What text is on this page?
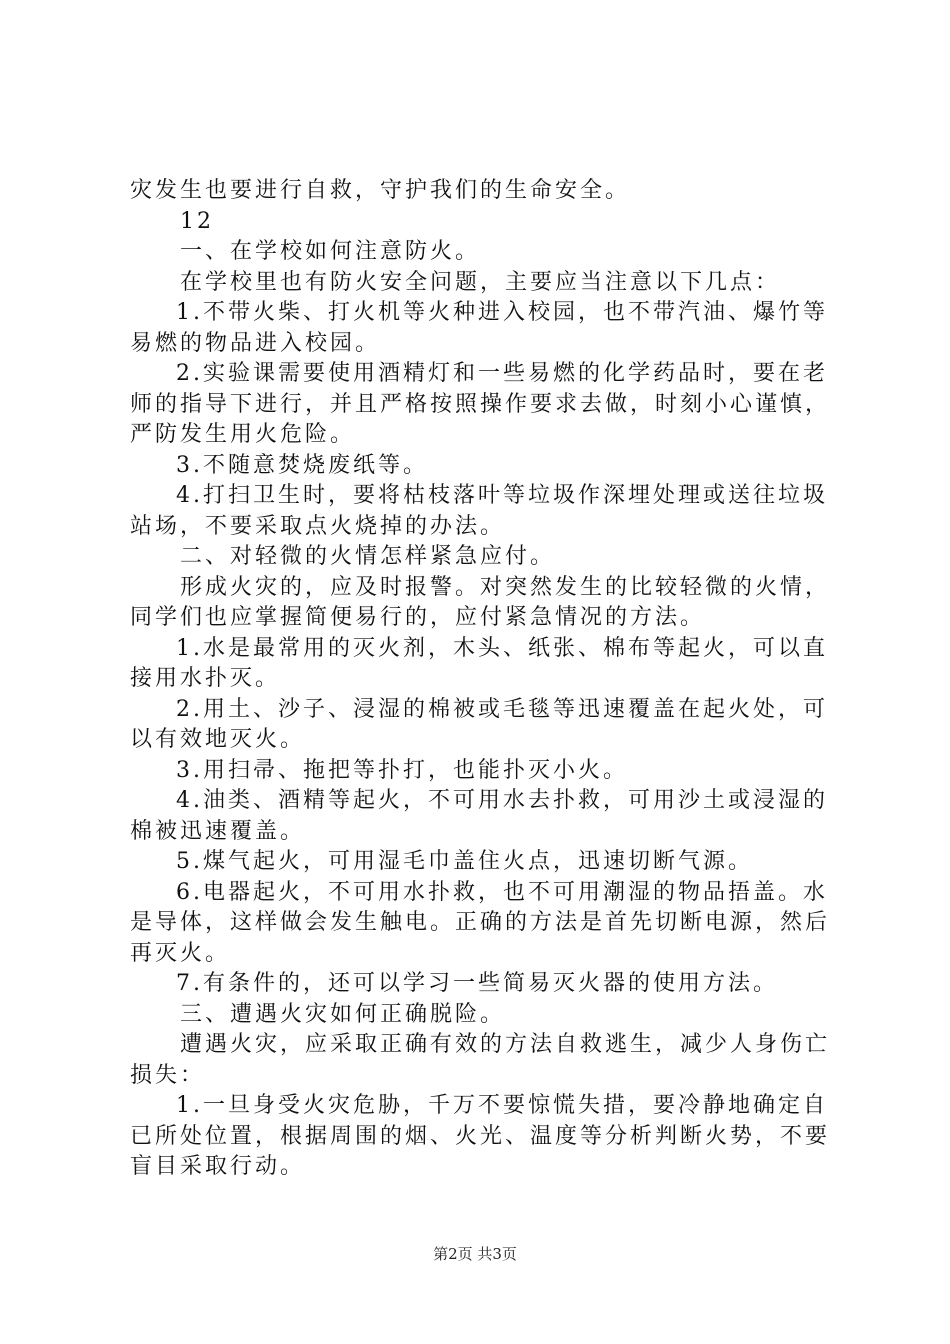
灾发生也要进行自救，守护我们的生命安全。

12

一、在学校如何注意防火。

在学校里也有防火安全问题，主要应当注意以下几点：

1.不带火柴、打火机等火种进入校园，也不带汽油、爆竹等易燃的物品进入校园。

2.实验课需要使用酒精灯和一些易燃的化学药品时，要在老师的指导下进行，并且严格按照操作要求去做，时刻小心谨慎，严防发生用火危险。

3.不随意焚烧废纸等。

4.打扫卫生时，要将枯枝落叶等垃圾作深埋处理或送往垃圾站场，不要采取点火烧掉的办法。

二、对轻微的火情怎样紧急应付。

形成火灾的，应及时报警。对突然发生的比较轻微的火情，同学们也应掌握简便易行的，应付紧急情况的方法。

1.水是最常用的灭火剂，木头、纸张、棉布等起火，可以直接用水扑灭。

2.用土、沙子、浸湿的棉被或毛毯等迅速覆盖在起火处，可以有效地灭火。

3.用扫帚、拖把等扑打，也能扑灭小火。

4.油类、酒精等起火，不可用水去扑救，可用沙土或浸湿的棉被迅速覆盖。

5.煤气起火，可用湿毛巾盖住火点，迅速切断气源。

6.电器起火，不可用水扑救，也不可用潮湿的物品捂盖。水是导体，这样做会发生触电。正确的方法是首先切断电源，然后再灭火。

7.有条件的，还可以学习一些简易灭火器的使用方法。

三、遭遇火灾如何正确脱险。

遭遇火灾，应采取正确有效的方法自救逃生，减少人身伤亡损失：

1.一旦身受火灾危胁，千万不要惊慌失措，要冷静地确定自已所处位置，根据周围的烟、火光、温度等分析判断火势，不要盲目采取行动。

第2页 共3页
